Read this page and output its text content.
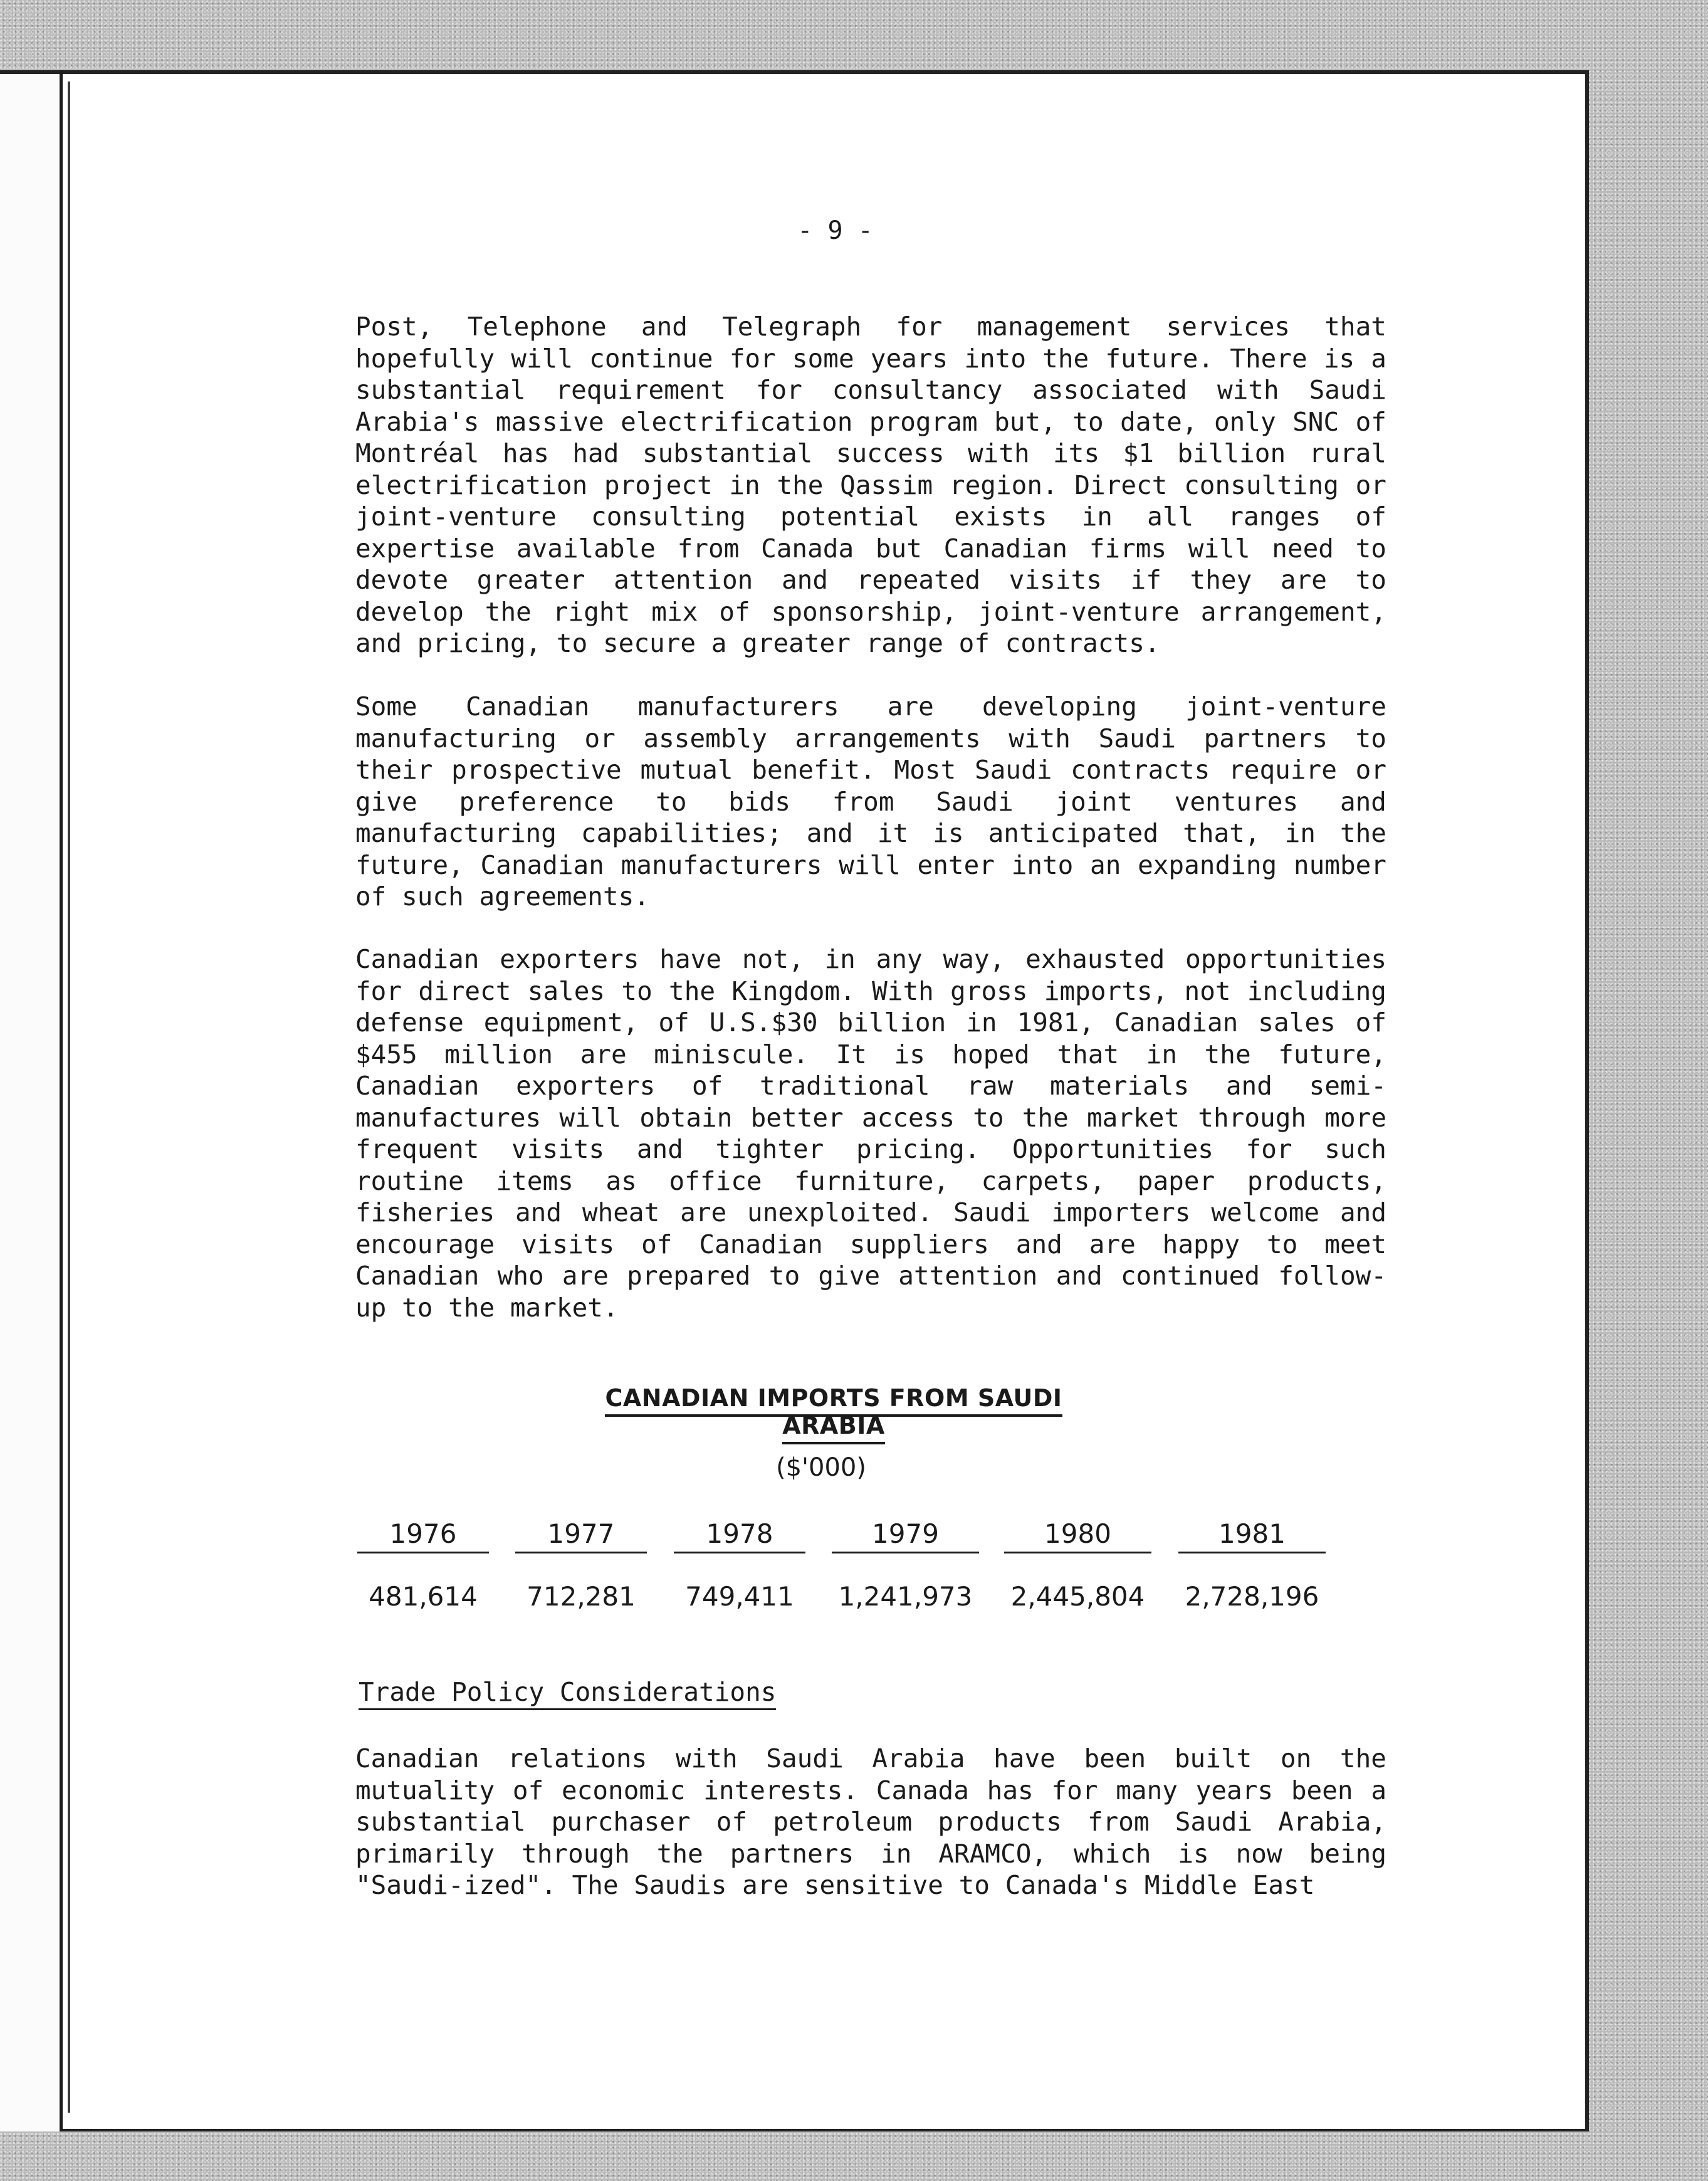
- 9 -

Post, Telephone and Telegraph for management services that hopefully will continue for some years into the future. There is a substantial requirement for consultancy associated with Saudi Arabia's massive electrification program but, to date, only SNC of Montréal has had substantial success with its $1 billion rural electrification project in the Qassim region. Direct consulting or joint-venture consulting potential exists in all ranges of expertise available from Canada but Canadian firms will need to devote greater attention and repeated visits if they are to develop the right mix of sponsorship, joint-venture arrangement, and pricing, to secure a greater range of contracts.

Some Canadian manufacturers are developing joint-venture manufacturing or assembly arrangements with Saudi partners to their prospective mutual benefit. Most Saudi contracts require or give preference to bids from Saudi joint ventures and manufacturing capabilities; and it is anticipated that, in the future, Canadian manufacturers will enter into an expanding number of such agreements.

Canadian exporters have not, in any way, exhausted opportunities for direct sales to the Kingdom. With gross imports, not including defense equipment, of U.S.$30 billion in 1981, Canadian sales of $455 million are miniscule. It is hoped that in the future, Canadian exporters of traditional raw materials and semi-manufactures will obtain better access to the market through more frequent visits and tighter pricing. Opportunities for such routine items as office furniture, carpets, paper products, fisheries and wheat are unexploited. Saudi importers welcome and encourage visits of Canadian suppliers and are happy to meet Canadian who are prepared to give attention and continued follow-up to the market.

CANADIAN IMPORTS FROM SAUDI ARABIA
($'000)
1976	1977	1978	1979	1980	1981
481,614	712,281	749,411	1,241,973 2,445,804 2,728,196
Trade Policy Considerations

Canadian relations with Saudi Arabia have been built on the mutuality of economic interests. Canada has for many years been a substantial purchaser of petroleum products from Saudi Arabia, primarily through the partners in ARAMCO, which is now being "Saudi-ized". The Saudis are sensitive to Canada's Middle East
